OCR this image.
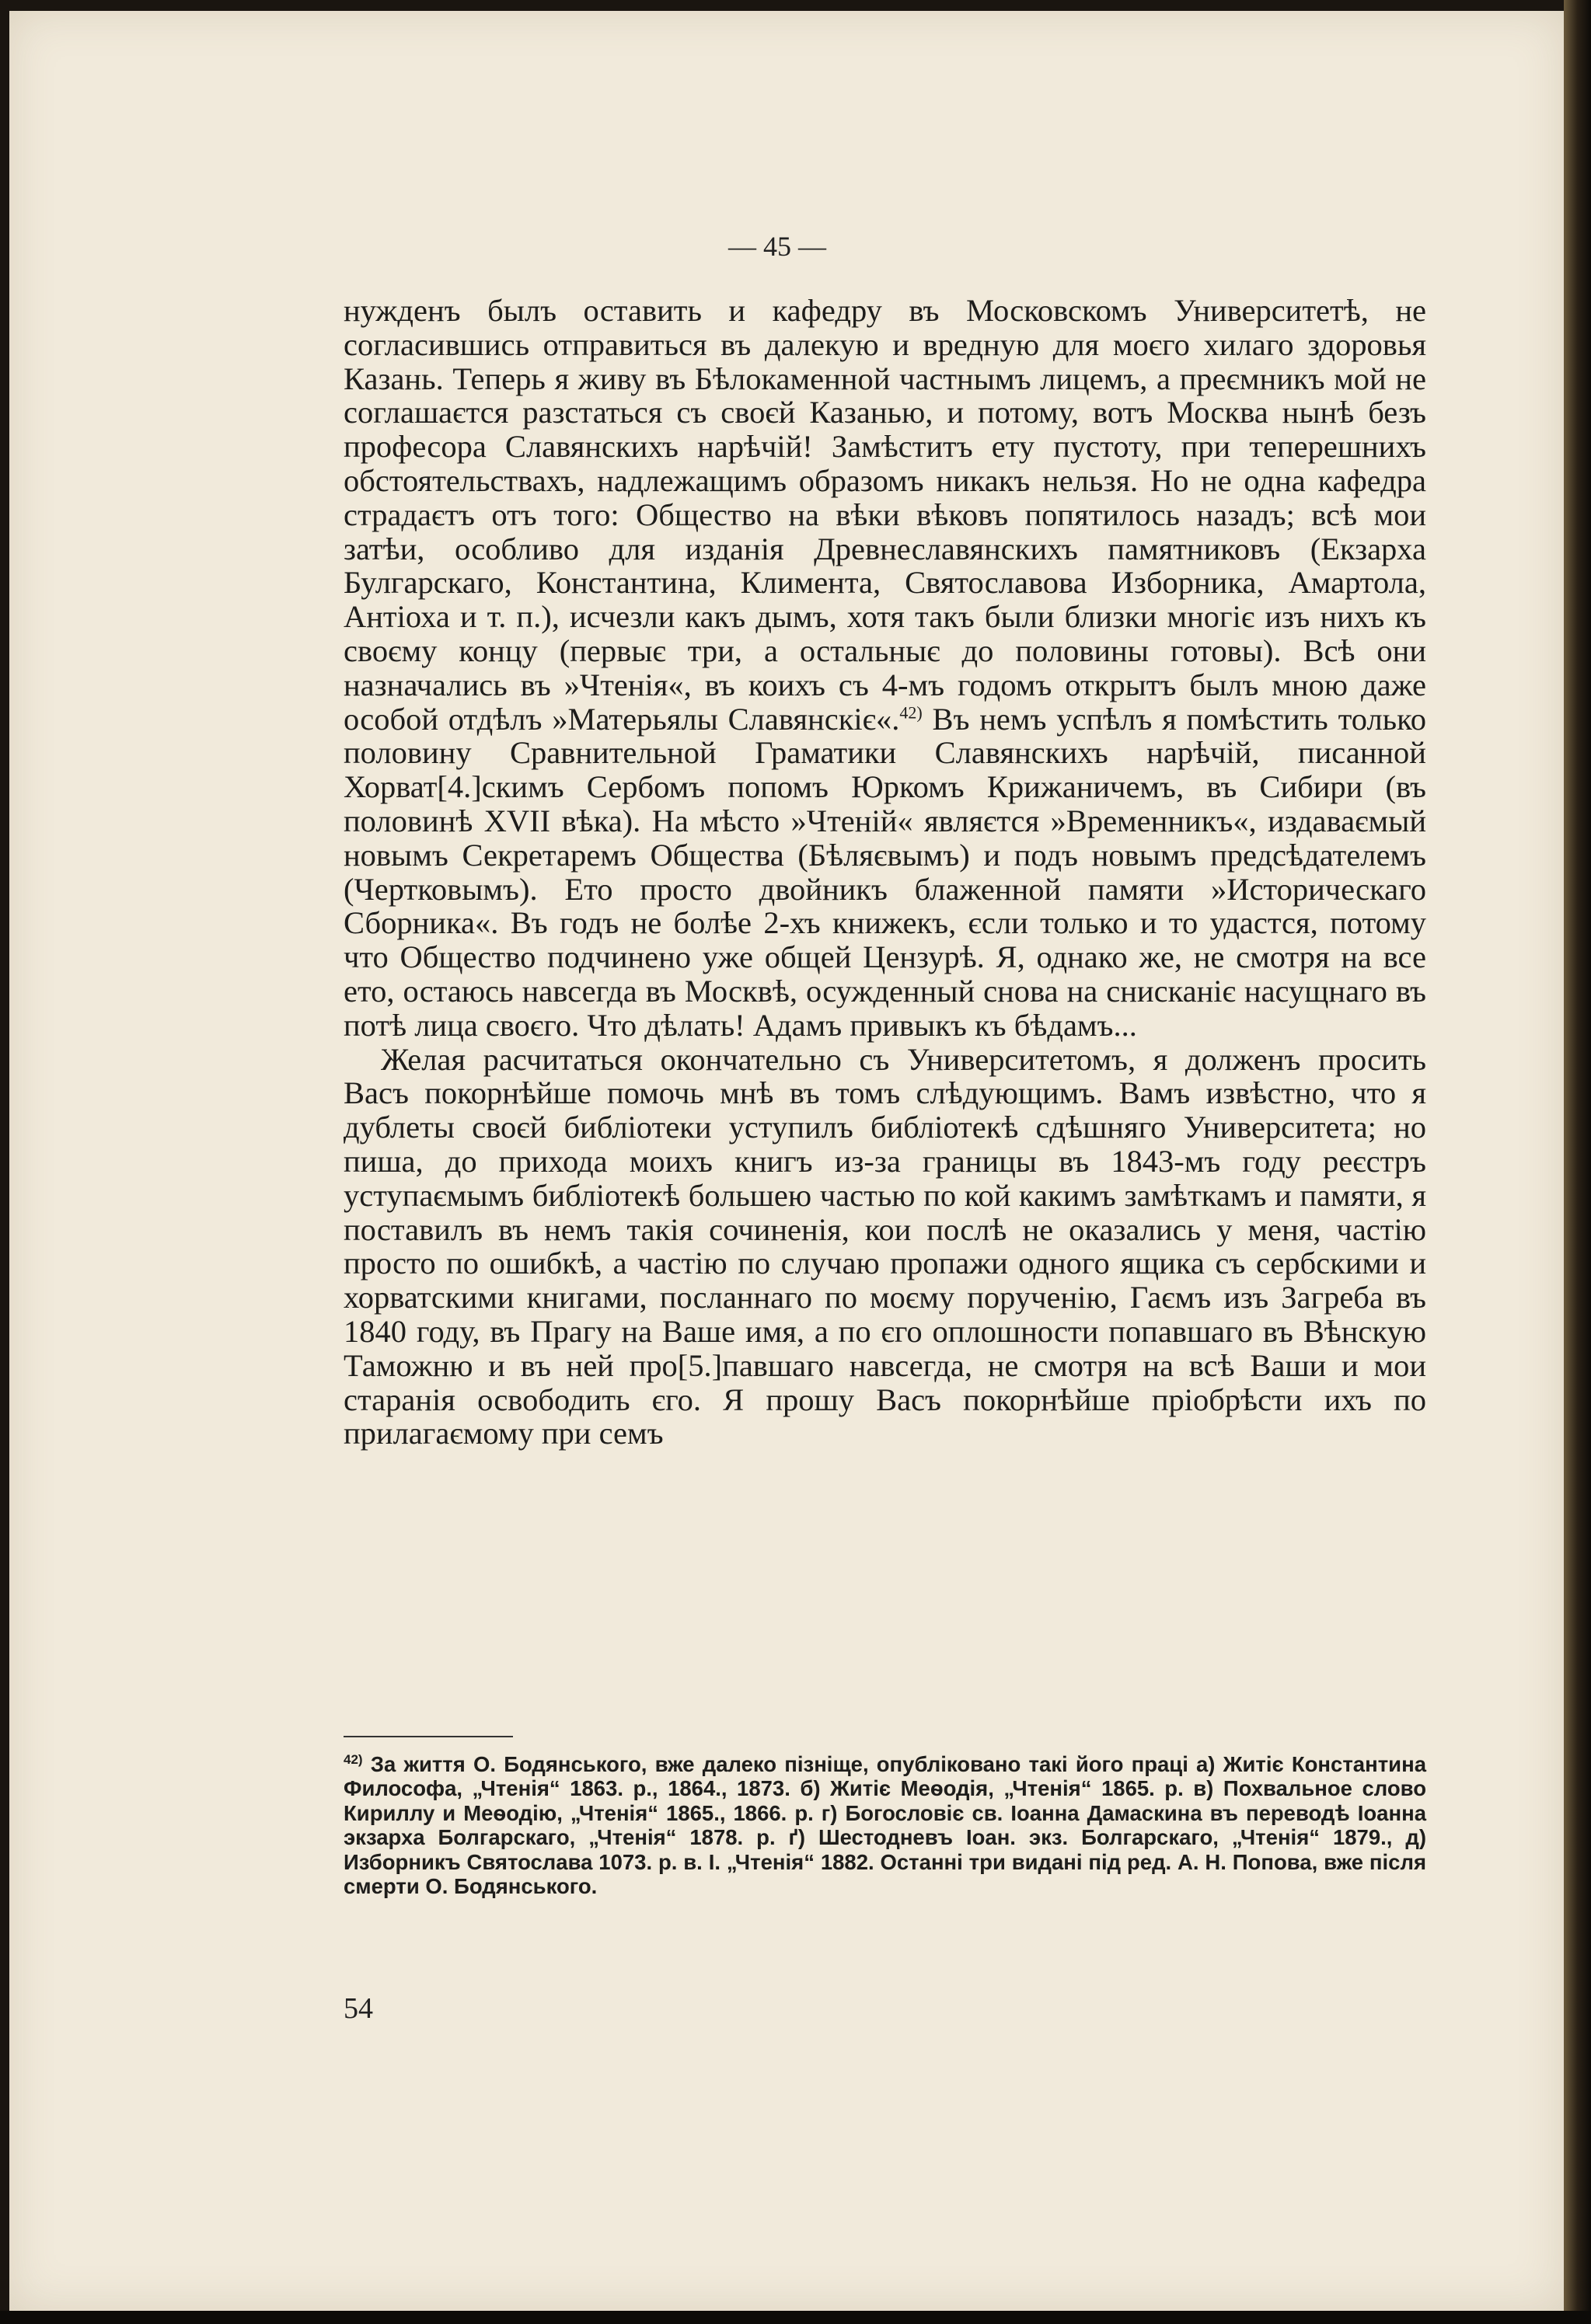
— 45 —

нужденъ былъ оставить и кафедру въ Московскомъ Университетѣ, не согласившись отправиться въ далекую и вредную для моєго хилаго здоровья Казань. Теперь я живу въ Бѣлокаменной частнымъ лицемъ, а преємникъ мой не соглашаєтся разстаться съ своєй Казанью, и потому, вотъ Москва нынѣ безъ професора Славянскихъ нарѣчій! Замѣститъ ету пустоту, при теперешнихъ обстоятельствахъ, надлежащимъ образомъ никакъ нельзя. Но не одна кафедра страдаєтъ отъ того: Общество на вѣки вѣковъ попятилось назадъ; всѣ мои затѣи, особливо для изданія Древнеславянскихъ памятниковъ (Екзарха Булгарскаго, Константина, Климента, Святославова Изборника, Амартола, Антіоха и т. п.), исчезли какъ дымъ, хотя такъ были близки многіє изъ нихъ къ своєму концу (первыє три, а остальныє до половины готовы). Всѣ они назначались въ »Чтенія«, въ коихъ съ 4-мъ годомъ открытъ былъ мною даже особой отдѣлъ »Матерьялы Славянскіє«.$^{42)}$ Въ немъ успѣлъ я помѣстить только половину Сравнительной Граматики Славянскихъ нарѣчій, писанной Хорват[4.]скимъ Сербомъ попомъ Юркомъ Крижаничемъ, въ Сибири (въ половинѣ XVII вѣка). На мѣсто »Чтеній« являєтся »Временникъ«, издаваємый новымъ Секретаремъ Общества (Бѣляєвымъ) и подъ новымъ предсѣдателемъ (Чертковымъ). Ето просто двойникъ блаженной памяти »Историческаго Сборника«. Въ годъ не болѣе 2-хъ книжекъ, єсли только и то удастся, потому что Общество подчинено уже общей Цензурѣ. Я, однако же, не смотря на все ето, остаюсь навсегда въ Москвѣ, осужденный снова на снисканіє насущнаго въ потѣ лица своєго. Что дѣлать! Адамъ привыкъ къ бѣдамъ...

Желая расчитаться окончательно съ Университетомъ, я долженъ просить Васъ покорнѣйше помочь мнѣ въ томъ слѣдующимъ. Вамъ извѣстно, что я дублеты своєй библіотеки уступилъ библіотекѣ сдѣшняго Университета; но пиша, до прихода моихъ книгъ из-за границы въ 1843-мъ году реєстръ уступаємымъ библіотекѣ большею частью по кой какимъ замѣткамъ и памяти, я поставилъ въ немъ такія сочиненія, кои послѣ не оказались у меня, частію просто по ошибкѣ, а частію по случаю пропажи одного ящика съ сербскими и хорватскими книгами, посланнаго по моєму порученію, Гаємъ изъ Загреба въ 1840 году, въ Прагу на Ваше имя, а по єго оплошности попавшаго въ Вѣнскую Таможню и въ ней про[5.]павшаго навсегда, не смотря на всѣ Ваши и мои старанія освободить єго. Я прошу Васъ покорнѣйше пріобрѣсти ихъ по прилагаємому при семъ

$^{42)}$ За життя О. Бодянського, вже далеко пізніще, опубліковано такі його праці а) Житіє Константина Философа, „Чтенія“ 1863. р., 1864., 1873. б) Житіє Меѳодія, „Чтенія“ 1865. р. в) Похвальное слово Кириллу и Меѳодію, „Чтенія“ 1865., 1866. р. г) Богословіє св. Іоанна Дамаскина въ переводѣ Іоанна экзарха Болгарскаго, „Чтенія“ 1878. р. ґ) Шестодневъ Іоан. экз. Болгарскаго, „Чтенія“ 1879., д) Изборникъ Святослава 1073. р. в. І. „Чтенія“ 1882. Останні три видані під ред. А. Н. Попова, вже після смерти О. Бодянського.
54
